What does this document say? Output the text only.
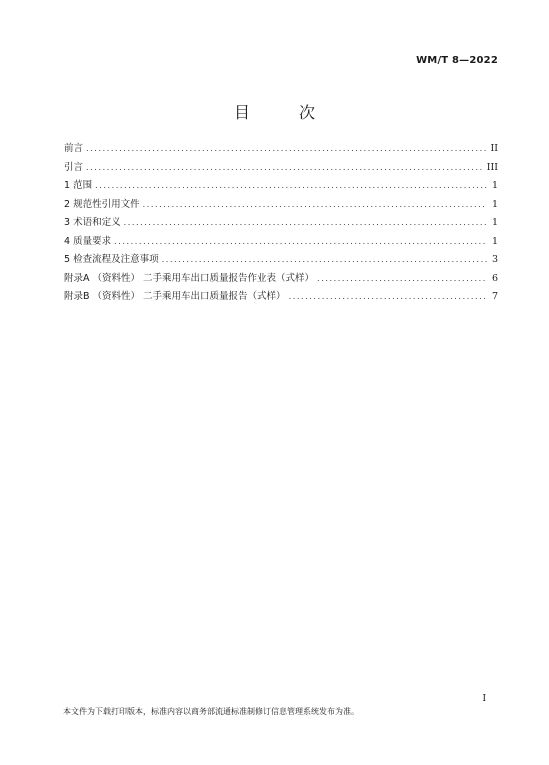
WM/T 8—2022
目 次
前言 .....	II
引言 .....	III
1 范围 .....	1
2 规范性引用文件 .....	1
3 术语和定义 .....	1
4 质量要求 .....	1
5 检查流程及注意事项 .....	3
附录A （资料性） 二手乘用车出口质量报告作业表（式样） .....	6
附录B （资料性） 二手乘用车出口质量报告（式样） .....	7
I
本文件为下载打印版本，标准内容以商务部流通标准制修订信息管理系统发布为准。
